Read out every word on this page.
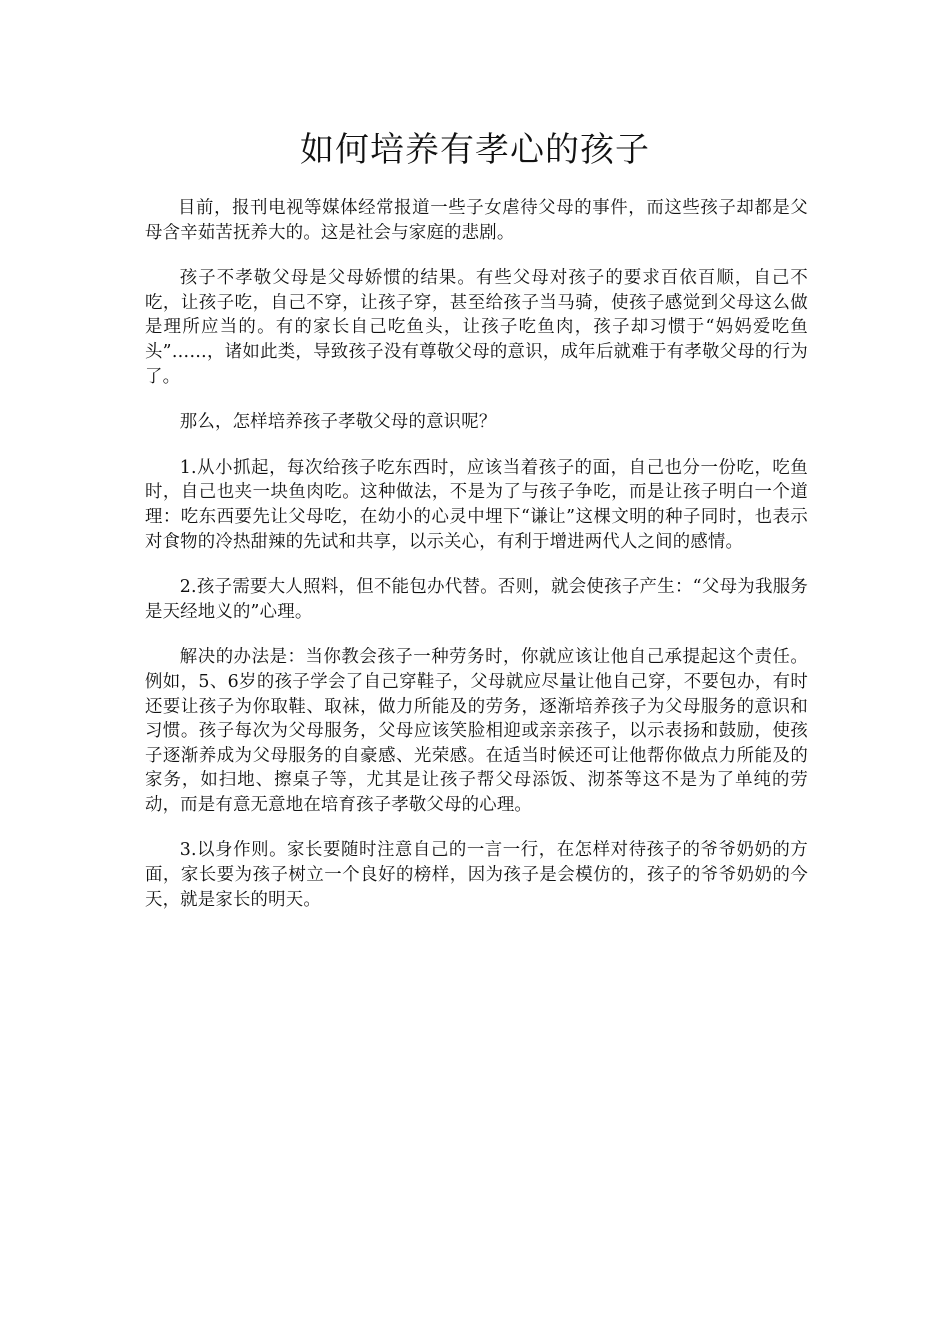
如何培养有孝心的孩子

目前，报刊电视等媒体经常报道一些子女虐待父母的事件，而这些孩子却都是父母含辛茹苦抚养大的。这是社会与家庭的悲剧。

孩子不孝敬父母是父母娇惯的结果。有些父母对孩子的要求百依百顺，自己不吃，让孩子吃，自己不穿，让孩子穿，甚至给孩子当马骑，使孩子感觉到父母这么做是理所应当的。有的家长自己吃鱼头，让孩子吃鱼肉，孩子却习惯于“妈妈爱吃鱼头”……，诸如此类，导致孩子没有尊敬父母的意识，成年后就难于有孝敬父母的行为了。

那么，怎样培养孩子孝敬父母的意识呢？

1.从小抓起，每次给孩子吃东西时，应该当着孩子的面，自己也分一份吃，吃鱼时，自己也夹一块鱼肉吃。这种做法，不是为了与孩子争吃，而是让孩子明白一个道理：吃东西要先让父母吃，在幼小的心灵中埋下“谦让”这棵文明的种子同时，也表示对食物的冷热甜辣的先试和共享，以示关心，有利于增进两代人之间的感情。

2.孩子需要大人照料，但不能包办代替。否则，就会使孩子产生：“父母为我服务是天经地义的”心理。

解决的办法是：当你教会孩子一种劳务时，你就应该让他自己承提起这个责任。例如，5、6岁的孩子学会了自己穿鞋子，父母就应尽量让他自己穿，不要包办，有时还要让孩子为你取鞋、取袜，做力所能及的劳务，逐渐培养孩子为父母服务的意识和习惯。孩子每次为父母服务，父母应该笑脸相迎或亲亲孩子，以示表扬和鼓励，使孩子逐渐养成为父母服务的自豪感、光荣感。在适当时候还可让他帮你做点力所能及的家务，如扫地、擦桌子等，尤其是让孩子帮父母添饭、沏茶等这不是为了单纯的劳动，而是有意无意地在培育孩子孝敬父母的心理。

3.以身作则。家长要随时注意自己的一言一行，在怎样对待孩子的爷爷奶奶的方面，家长要为孩子树立一个良好的榜样，因为孩子是会模仿的，孩子的爷爷奶奶的今天，就是家长的明天。
